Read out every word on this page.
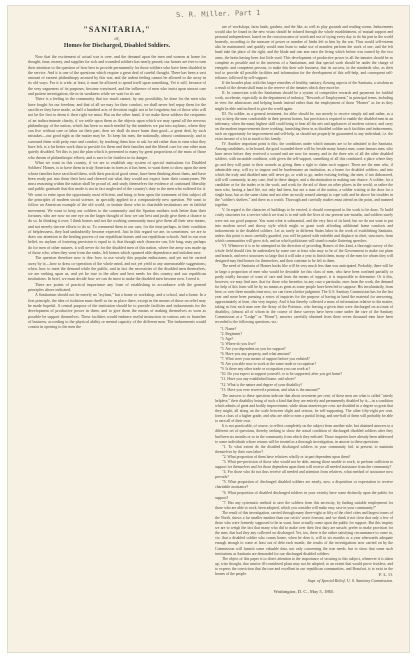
S. R. Miller. Part 1
"SANITARIA,"
or,
Homes for Discharged, Disabled Soldiers.

Now that the excitement of actual war is over, and the demand upon the men and women at home for thought, time, money, and supplies for sick and wounded soldiers has nearly passed, our homes are free to turn their attention to the question of how best to provide permanently for those soldiers who have been disabled in the service. And it is one of the questions which require a great deal of careful thought. There has been a vast amount of earnest philanthropy aroused by this war, and the ardent feeling cannot be allowed to die away in its old ways. For it is wide, at least, it must be allowed to spend itself upon something. Yet it will, because of the very vagueness of its purposes, become convinced, and the influence of men who insist upon utmost care and patient investigation, die in its weakness while we wait for its use.

There is a feeling in the community that too much cannot, by any possibility, be done for the men who have fought for our freedom; and that of all we may for their comfort, we shall never feel repay them for the sacrifices they have made, as half a hundred acts of devotion ought not to be forgotten; but of those who will not be the first to deem it their right we must. But on the other hand, if we make these soldiers the recipients of an indiscriminate charity, if we settle upon them as the objects upon which we may spend all the nervous philanthropy of the nation, which has been so much needed by the numbers we put into asylums, where they can live without care or labor on their part, then we shall do more harm than good—a great deal, by such mistakes—our good right as the matter may be. To keep his men, the nationally, almost continuously, and to surround them with petty ease and comfort, by teaching them how to ask for aid rather than to earn what they have left, is a far better work than to provide for them and their families and the liberal care for one other man quietly disabled. Yet this is just the plan which is presented to many by great proportions of the mass of those who dream of philanthropic efforts; and is sure to be fruitless in its danger.

What we want in this country, if we are to establish any system of special institutions for Disabled Soldiers' Homes, is to have them in truly American in form as it has been, to want them to show upon the men whose families have sacrificed them, with their practical good sense, have been thinking about them, and have been ready put into them their best and cheered out what they would not expect from their countrymen. We must reasoning within the nation shall be proud of, and study themselves the evidence of continued liberality and public gratitude that this mode is not in fact neglected of the country's duty to the men who suffered for it. We want to enter upon the opportunity most efficient, and bring to bear upon the treatment of this subject all the principles of modern social science, as specially applied to a comparatively new question. We want to follow an American example of the old world, or imitate those who in charitable institutions are in faithful movement. We want to keep our soldiers to the community and the Spartan mothers took better than their fortunes, who are now no one eye on the larger thought of how we can best and justly give them a chance to do so. In thinking it over, I think homes and not the working community must give them all their new means, and not merely sincere efforts to do so. To commend them to our care, for the time perhaps, in their condition of helplessness, they had undoubtedly become expected. Just in this regard we are, in sometimes, we are to draw our attention to the healing powers of our republican homes and our republican schools. And in our own belief, no asylum of fostering provision is equal to it; that though each character can, life long, may perhaps do for men of other natures, it will never do for the disabled men of this nation, where the army was made up of those who, when they went from the ranks, left homes which spurned able dependence and indolent ease.

The question therefore now is this: how to use wisely this popular enthusiasm, and yet not be carried away by it;—how to draw co-operation of the whole mind, and not yet yield to any unreasonable suggestions; when, how to meet the demand while the public, and in fact the necessities of the disabled men themselves, we are seeking upon us, and yet be true to the other and best needs for this country and our republican institutions. In brief, we must decide how we can do most to make the disabled men become now. I need it.

There are points of practical importance any form of establishing in accordance with the general principles above indicated.

A Sanitarium should not be merely an "asylum," but a home or workshop, and a school, and a home. In a first principle, the idea of isolation must dwell so far as place there, except in the means of those on relief may be made hopeful. A central purpose of the institution should be to provide facilities and inducements for the development of productive power in them, and to give them the means of making themselves as soon as possible be support themselves. These facilities would embrace useful instruction in various arts or branches of business, according to the physical ability or mental capacity of the different men. The inducements would consist in opening to the men the

use of workshops, farm lands, gardens, and the like, as well as play grounds and reading rooms. Inducements would also be found in the new vistas should be infused through the whole establishment, of mutual support and personal independence, based on the consciousness of worth and use of trying every day to do his part in the world honestly, according to the measure of power or number of limbs left to him by the war. Thus would self-esteem also be maintained; and quickly would men learn to make use of manifest perform the work of one, and the left hand take the place of the right, and the blade and one arm earn the living which before was earned by the two arms, the brain having been lost little used. This development of productive power in all the inmates should be as complete as possible and to the interests of a Sanitarium, and that special work should be under the charge of energetic and competent persons, to make this their sole business; that its success, in the standards who, as their tool to provide all possible facilities and information for the development of this self-help, and consequent self-reliance, followed by self-support.

If the broader plan, with this larger remedies of healthy, sanitary, flowing aspects of the Sanitaria, a wisdom as a result of the dream shall must to the reserve of the inmates which they more be.

II. In connection with the Sanitarium should be a system of competitive rewards and payments for faithful work, accelerate, especially in the department of industry, "Rewards of Employment," in principal terms, including in view the admissions and helping hands instead rather than the employment of those "Homes" as far as they might be able and inclined to give the world again.

III. No soldier, as a general treatment, for alike should be, nor merely to receive simply aid and rather, as a way to keep the men comfortable in their present homes, but provision is required to enable the disabled men in an infirmary, when the many highest skill could bring to bear all the arts and appliances of modern science, and carry on the modern improvements there working, furnishing these in as disabled soldier such facilities and inducements, such an opportunity for improvement and self-help, as should not properly be guaranteed to any individual, i.e. the extra income of a lot as much to his family.

IV. Another important point is this: the conditions under which inmates are to be admitted to the Sanitaria. Among candidates, to be bound, the good wounded there will be, beside many honest men, some famous men, who have never before they received a wound and are now for money, and in the three sets of all the other disabled soldiers, with incurable condition, with given the self-support, something of all this combined: a place where they go and they will point to their wounds as giving them a right to claim such support. These are the men who, if admissible easy, will try to impose and be burdensome an institution, as a home for disabled soldiers, and into which the truly and disabled men will never go, or wish to go, under existing feeling, the men, if not dishonored, still will commonly, in any case, find in these danger, and a discrimination in making one chance. A soldier, for a candidate or for the trades or in the work, and work for the aid of those on other places in the world, or rather the men who, having a hard life, not only had been, but not a man of the nation, a soldier waiting at the door for a single hour, but as the same claim and not after an easily sensed attempt to cope with and be above his troubles in the "soldier's shelters," and there as a crutch. Thorough and carefully studies must attend on the point, and manned together.

V. In regard to the character of buildings to be erected, it should correspond to the work to be done. To build costly structures for a service which we trust is to end with the lives of our present war-mouths, and soldiers surely were not our good purpose. You want what is substantial, and the very best of its kind; but we do not want to put into modern novel and showy style which might so grant work affording additional home comforts and inducements to the disabled soldiers. Let us rarely in different States labor in the work of establishing Sanitaria, unless this point is most carefully guarded, you will be paired with enfeeble and displace in chief, structures, from which communities will grow rich, and on which politicians will stand to make flattering speeches.

VI. Whenever it is to be attempted in the direction of providing Homes of this kind, a thorough survey of the whole field should first be undertaken by some one at least who may so be of the Government to make out plans and branch, and erect structures so large that it will take a year to finish them, many of the men for whom they will designed may find homes for themselves, and then continue to be left to them.

The need of Sanitaria of Homes hacks like will be very much less than was anticipated. Probably, there will be in large a proportion of men who would be desirable for this class of men, who have been confined partially or partly totally because of want of care and from the means of support, it is impossible to determine. Or it this, however, we may find sure, that for those who hereafter, in any case a particular, ones from the work, the demand for help of this form will be by no means as great as some people have been led to suppose. His involuntarily, from here, or over three months time now, we can form a better judgment. The U.S. Sanitary Commission has for the last year and more been pursuing a series of inquiries for the purpose of having in hand the material for answering, approximately at least, this very inquiry. And it has thereby collected a mass of information relative to the matter, taking as first each man over the Army of the Potomac, who leaving a given time were discharged on account of disability, (almost all of whom in the course of these surveys have been come under the care of the Sanitary Commission at a "Lodge" or "Home"), answers carefully obtained from these seven thousand men have been recorded to the following questions, viz.:

"1. Name?
"2. Regiment?
"3. Age?
"4. Where do you live?
"5. Are you dependent on you for support?
"6. Have you any property, and what amount?
"7. What were your means of support before you enlisted?
"8. Are you able now to work at the same trade or occupation?
"9. Is there any other trade or occupation you can work at?
"10. Do you expect to support yourself, or to be supported, after you get home?
"11. Have you any established home, and where?
"12. What is the nature and degree of your disability?
"13. Have you ever received a pension, and what is the amount?"

The answers to these questions indicate that about seventeen per cent. of these men are what is called "utterly helpless;" their disability being of such a kind that they are entirely and permanently disabled by it;—in a condition which admits of great and bodily improvement; while about nineteen per cent. are disabled in a degree so great that they might, all along on the scale between slight and serious, be self-supporting. The other fifty-eight per cent. form a class of a higher grade, and who are able to earn a partial living, and one-half of them will probably be able to earn all of their own.

It is not practicable, of course, to reflect completely on the subject from another side, but obtained answers to a different set of questions, thereby seeking to show the actual condition of discharged disabled soldiers after they had been six months or so in the community from which they enlisted. Those inquiries have already been addressed to some individuals whose returns will be treated as a thorough investigation, in answer to these questions:

"1. To what extent do the disabled discharged soldiers in your community fail, at present, to maintain themselves by their own labor?

"2. What proportion of them have relatives wholly or in part dependent upon them?

"3. What pre-provision of those who would not be able, among those unable to work, to perform sufficient to support for themselves and for those dependent upon them will receive all needed assistance from the community?

"4. For those who do not thus receive all needed and attention from relatives, what method of assistance now prevails?

"5. What proportion of discharged disabled soldiers are nearly, now, a disposition or expectation to receive charitable assistance?

"6. What proportion of disabled discharged soldiers in your vicinity have some distinctly upon the public for support?

"7. Has any systematic method to save the soldiers from this necessity, by finding suitable employment for those who are able to work, been adopted, which you consider will make easy case in your community?"

The result of this investigation, carried through many three-eight or fifty of the chief cities and largest towns of the North, shows a far smaller number than our critics' worst forecast, and we think it not clear that only a few of those who were formerly supposed to be in want, have actually come upon the public for support. But this inquiry we are to weigh the fact that many who did to make over their first duty are unsafe, prefer to make provision for the men, that had they any collected on discharged. Yet, too, there is the rather satisfying circumstance to come to, viz. that a disabled soldier who comes home, when he does it, will in six months or a year afterwards adequate enough enough to come at least out of debt each month; the results of the investigations now carried on by the Commission will furnish some valuable data, not only concerning the true needs, but to show that some such institutions as Sanitaria are demanded for our discharged disabled soldiers.

The object of this paper is to direct attention to the importance of securing to this subject, whenever it is taken up, wise thought, that unwise ill-considered plans may not be adopted, to an extent that would prove fruitless, and to express the conviction that the true and excellent in our republican communities, and Beaufort, is to exist in the homes of the people.	F. L. O.
Supt. of Special Relief, U. S. Sanitary Commission.
Washington, D. C., May 5, 1865.
